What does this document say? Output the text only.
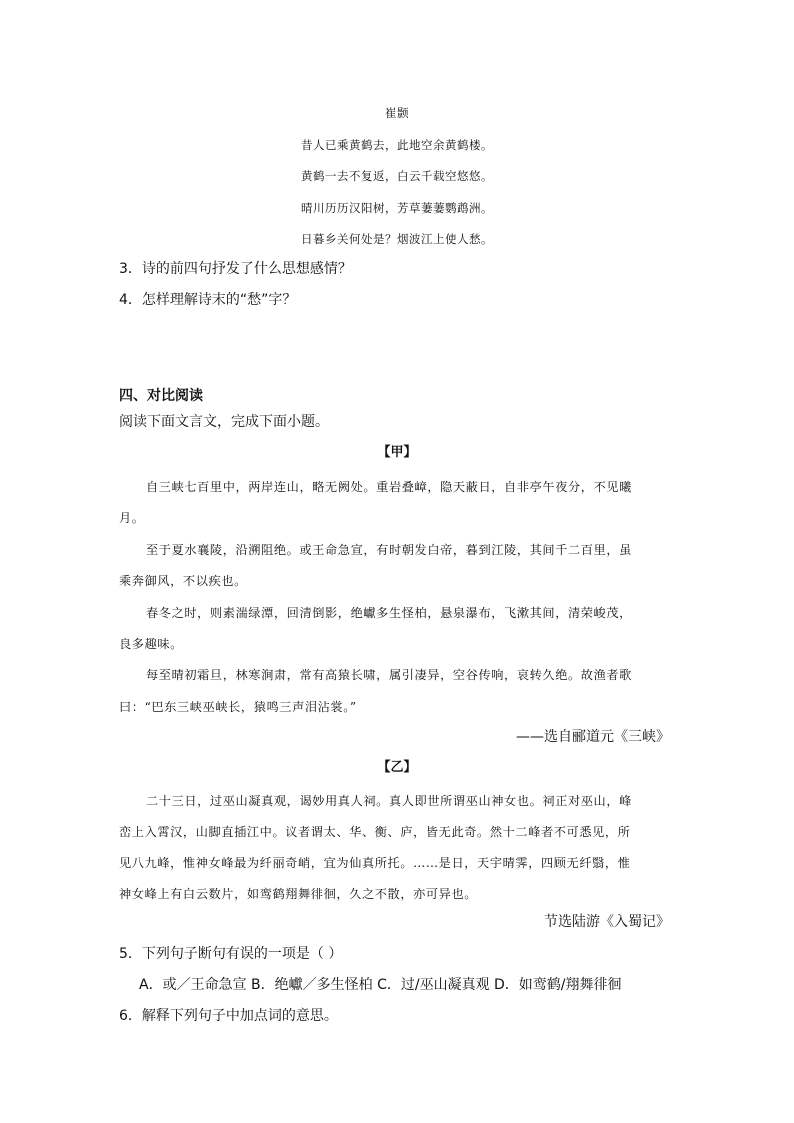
崔颢
昔人已乘黄鹤去，此地空余黄鹤楼。
黄鹤一去不复返，白云千载空悠悠。
晴川历历汉阳树，芳草萋萋鹦鹉洲。
日暮乡关何处是？烟波江上使人愁。
3．诗的前四句抒发了什么思想感情？
4．怎样理解诗末的“愁”字？
四、对比阅读
阅读下面文言文，完成下面小题。
【甲】
自三峡七百里中，两岸连山，略无阙处。重岩叠嶂，隐天蔽日，自非亭午夜分，不见曦
月。
至于夏水襄陵，沿溯阻绝。或王命急宣，有时朝发白帝，暮到江陵，其间千二百里，虽
乘奔御风，不以疾也。
春冬之时，则素湍绿潭，回清倒影，绝巘多生怪柏，悬泉瀑布，飞漱其间，清荣峻茂，
良多趣味。
每至晴初霜旦，林寒涧肃，常有高猿长啸，属引凄异，空谷传响，哀转久绝。故渔者歌
曰：“巴东三峡巫峡长，猿鸣三声泪沾裳。”
——选自郦道元《三峡》
【乙】
二十三日，过巫山凝真观，谒妙用真人祠。真人即世所谓巫山神女也。祠正对巫山，峰
峦上入霄汉，山脚直插江中。议者谓太、华、衡、庐，皆无此奇。然十二峰者不可悉见，所
见八九峰，惟神女峰最为纤丽奇峭，宜为仙真所托。……是日，天宇晴霁，四顾无纤翳，惟
神女峰上有白云数片，如鸾鹤翔舞徘徊，久之不散，亦可异也。
节选陆游《入蜀记》
5．下列句子断句有误的一项是（ ）
A．或／王命急宣 B．绝巘／多生怪柏 C．过/巫山凝真观 D．如鸾鹤/翔舞徘徊
6．解释下列句子中加点词的意思。
